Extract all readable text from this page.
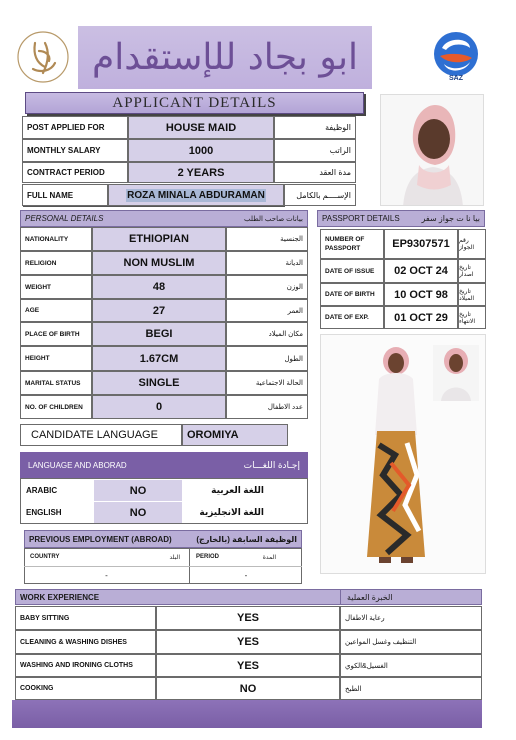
ابو بجاد للإستقدام
SAZ
APPLICANT DETAILS
POST APPLIED FOR	HOUSE MAID	الوظيفة
MONTHLY SALARY	1000	الراتب
CONTRACT PERIOD	2 YEARS	مدة العقد
FULL NAME	ROZA MINALA ABDURAMAN	الإســــم بالكامل
PERSONAL DETAILS	بيانات صاحب الطلب
NATIONALITY	ETHIOPIAN	الجنسية
RELIGION	NON MUSLIM	الديانة
WEIGHT	48	الوزن
AGE	27	العمر
PLACE OF BIRTH	BEGI	مكان الميلاد
HEIGHT	1.67CM	الطول
MARITAL STATUS	SINGLE	الحالة الاجتماعية
NO. OF CHILDREN	0	عدد الاطفال
NUMBER OF PASSPORT	EP9307571	رقم الجواز
DATE OF ISSUE	02 OCT 24	تاريخ اصدار
DATE OF BIRTH	10 OCT 98	تاريخ الميلاد
DATE OF EXP.	01 OCT 29	تاريخ الانتهاء
PASSPORT DETAILS	بيا نا ت جواز سفر
CANDIDATE LANGUAGE	OROMIYA
LANGUAGE AND ABORAD	إجـادة اللغـــات
ARABIC	NO	اللغة العربية
ENGLISH	NO	اللغة الانجليزية
PREVIOUS EMPLOYMENT (ABROAD)	الوظيفة السابقة (بالخارج)
COUNTRY	البلد	PERIOD	المدة
-	-
WORK EXPERIENCE	الخبرة العملية
BABY SITTING	YES	رعاية الاطفال
CLEANING & WASHING DISHES	YES	التنظيف وغسل المواعين
WASHING AND IRONING CLOTHS	YES	الغسيل&الكوي
COOKING	NO	الطبخ
